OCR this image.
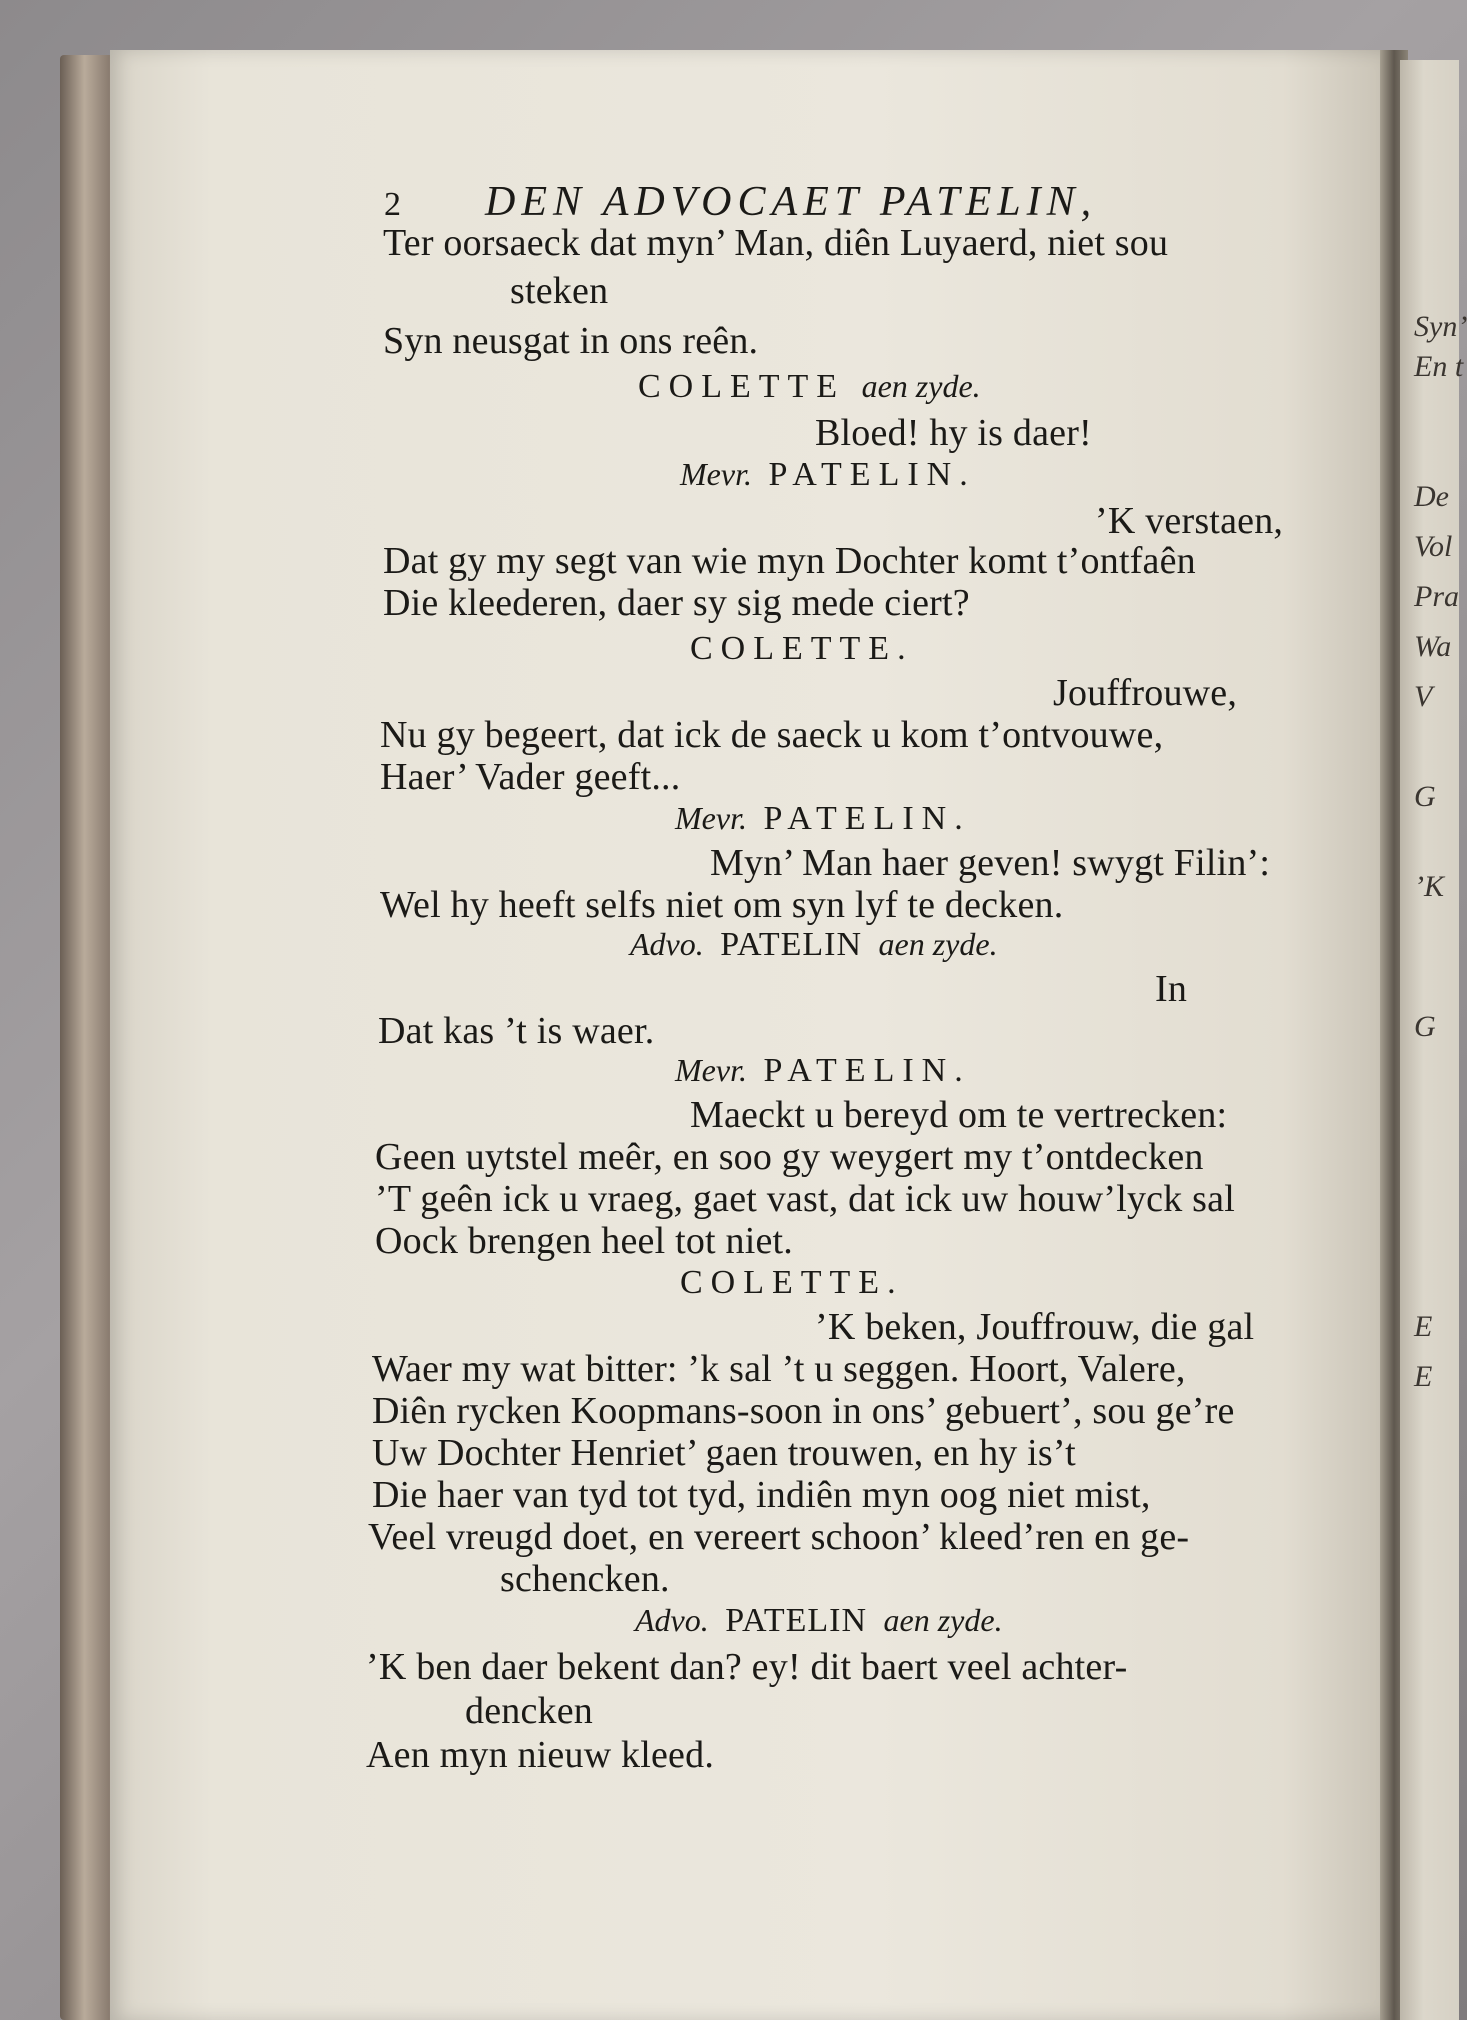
Syn’
En t
De
Vol
Pra
Wa
V
G
’K
G
E
E
2 DEN ADVOCAET PATELIN,
Ter oorsaeck dat myn’ Man, diên Luyaerd, niet sou
steken
Syn neusgat in ons reên.
COLETTE aen zyde.
Bloed! hy is daer!
Mevr. PATELIN.
’K verstaen,
Dat gy my segt van wie myn Dochter komt t’ontfaên
Die kleederen, daer sy sig mede ciert?
COLETTE.
Jouffrouwe,
Nu gy begeert, dat ick de saeck u kom t’ontvouwe,
Haer’ Vader geeft...
Mevr. PATELIN.
Myn’ Man haer geven! swygt Filin’:
Wel hy heeft selfs niet om syn lyf te decken.
Advo. PATELIN aen zyde.
In
Dat kas ’t is waer.
Mevr. PATELIN.
Maeckt u bereyd om te vertrecken:
Geen uytstel meêr, en soo gy weygert my t’ontdecken
’T geên ick u vraeg, gaet vast, dat ick uw houw’lyck sal
Oock brengen heel tot niet.
COLETTE.
’K beken, Jouffrouw, die gal
Waer my wat bitter: ’k sal ’t u seggen. Hoort, Valere,
Diên rycken Koopmans-soon in ons’ gebuert’, sou ge’re
Uw Dochter Henriet’ gaen trouwen, en hy is’t
Die haer van tyd tot tyd, indiên myn oog niet mist,
Veel vreugd doet, en vereert schoon’ kleed’ren en ge-
schencken.
Advo. PATELIN aen zyde.
’K ben daer bekent dan? ey! dit baert veel achter-
dencken
Aen myn nieuw kleed.
